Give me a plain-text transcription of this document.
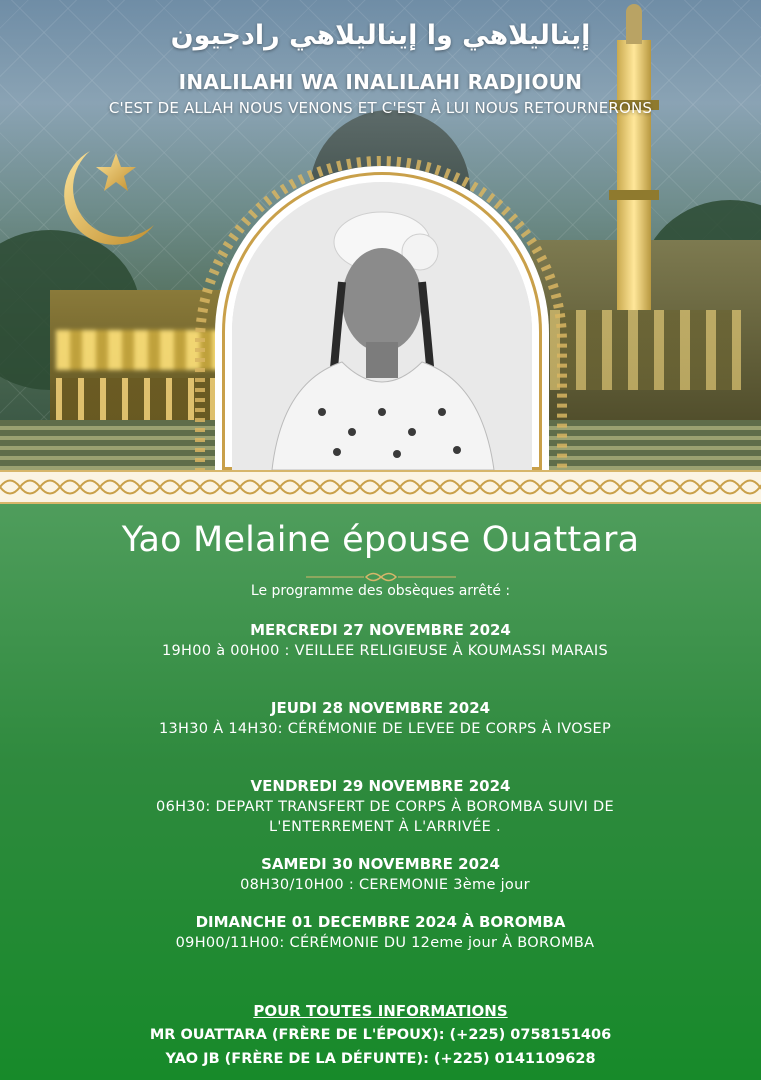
إيناليلاهي وا إيناليلاهي رادجيون
INALILAHI WA INALILAHI RADJIOUN
C'EST DE ALLAH NOUS VENONS ET C'EST À LUI NOUS RETOURNERONS
Yao Melaine épouse Ouattara
Le programme des obsèques arrêté :
MERCREDI 27 NOVEMBRE 2024
19H00 à 00H00 : VEILLEE RELIGIEUSE À KOUMASSI MARAIS
JEUDI 28 NOVEMBRE 2024
13H30 À 14H30: CÉRÉMONIE DE LEVEE DE CORPS À IVOSEP
VENDREDI 29 NOVEMBRE 2024
06H30: DEPART TRANSFERT DE CORPS À BOROMBA SUIVI DE L'ENTERREMENT À L'ARRIVÉE .
SAMEDI 30 NOVEMBRE 2024
08H30/10H00 : CEREMONIE 3ème jour
DIMANCHE 01 DECEMBRE 2024 À BOROMBA
09H00/11H00: CÉRÉMONIE DU 12eme jour À BOROMBA
POUR TOUTES INFORMATIONS
MR OUATTARA (FRÈRE DE L'ÉPOUX): (+225) 0758151406
YAO JB (FRÈRE DE LA DÉFUNTE): (+225) 0141109628
